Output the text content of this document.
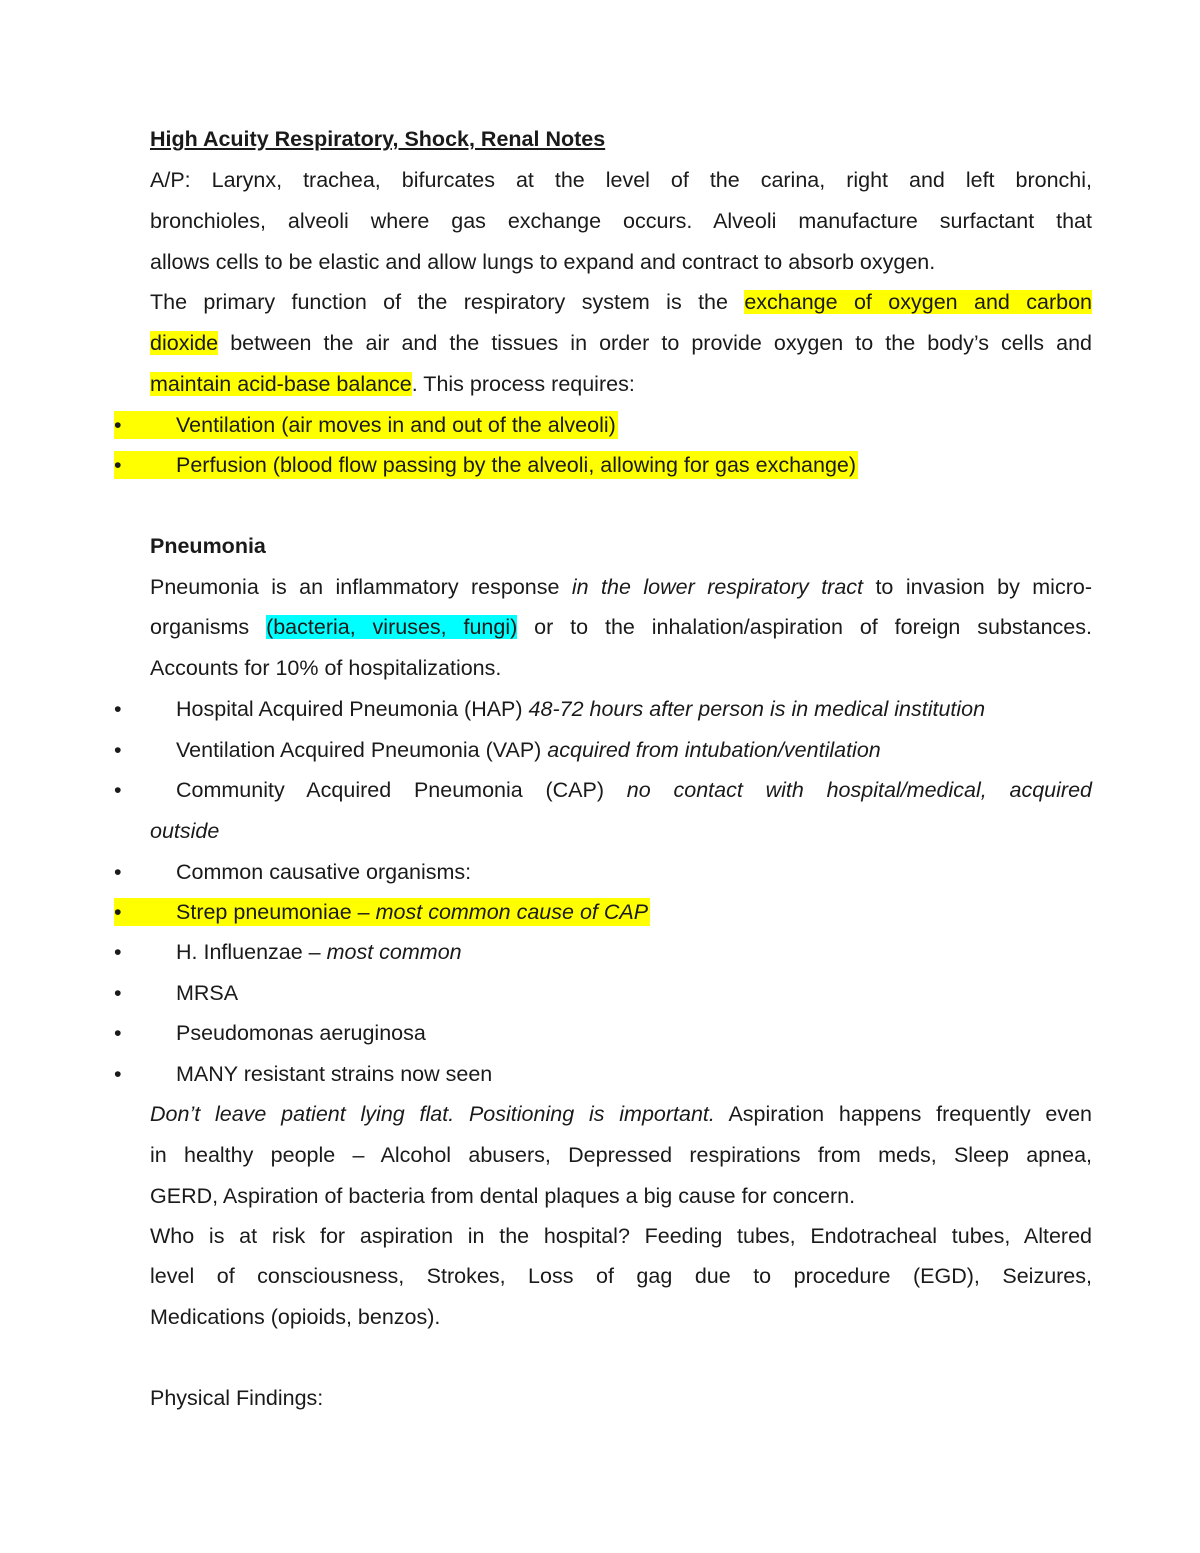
High Acuity Respiratory, Shock, Renal Notes
A/P: Larynx, trachea, bifurcates at the level of the carina, right and left bronchi,
bronchioles, alveoli where gas exchange occurs. Alveoli manufacture surfactant that
allows cells to be elastic and allow lungs to expand and contract to absorb oxygen.
The primary function of the respiratory system is the exchange of oxygen and carbon
dioxide between the air and the tissues in order to provide oxygen to the body’s cells and
maintain acid-base balance. This process requires:
•	Ventilation (air moves in and out of the alveoli)
•	Perfusion (blood flow passing by the alveoli, allowing for gas exchange)
Pneumonia
Pneumonia is an inflammatory response in the lower respiratory tract to invasion by micro-
organisms (bacteria, viruses, fungi) or to the inhalation/aspiration of foreign substances.
Accounts for 10% of hospitalizations.
•	Hospital Acquired Pneumonia (HAP) 48-72 hours after person is in medical institution
•	Ventilation Acquired Pneumonia (VAP) acquired from intubation/ventilation
•	Community Acquired Pneumonia (CAP) no contact with hospital/medical, acquired
outside
•	Common causative organisms:
•	Strep pneumoniae – most common cause of CAP
•	H. Influenzae – most common
•	MRSA
•	Pseudomonas aeruginosa
•	MANY resistant strains now seen
Don’t leave patient lying flat. Positioning is important. Aspiration happens frequently even
in healthy people – Alcohol abusers, Depressed respirations from meds, Sleep apnea,
GERD, Aspiration of bacteria from dental plaques a big cause for concern.
Who is at risk for aspiration in the hospital? Feeding tubes, Endotracheal tubes, Altered
level of consciousness, Strokes, Loss of gag due to procedure (EGD), Seizures,
Medications (opioids, benzos).
Physical Findings:
